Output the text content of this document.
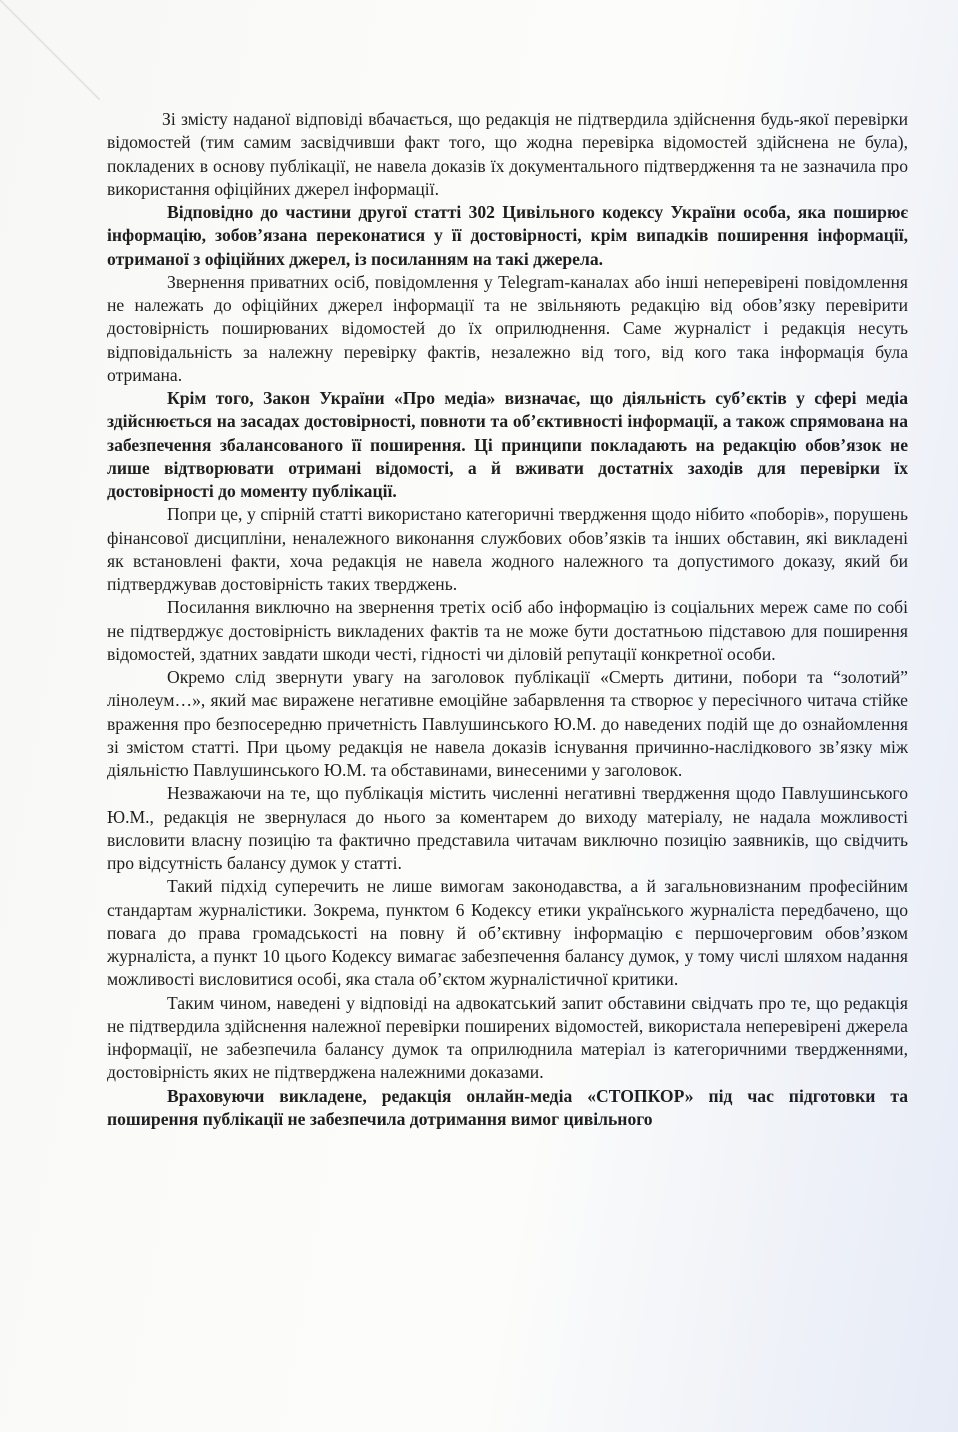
Зі змісту наданої відповіді вбачається, що редакція не підтвердила здійснення будь-якої перевірки відомостей (тим самим засвідчивши факт того, що жодна перевірка відомостей здійснена не була), покладених в основу публікації, не навела доказів їх документального підтвердження та не зазначила про використання офіційних джерел інформації.

Відповідно до частини другої статті 302 Цивільного кодексу України особа, яка поширює інформацію, зобов’язана переконатися у її достовірності, крім випадків поширення інформації, отриманої з офіційних джерел, із посиланням на такі джерела.

Звернення приватних осіб, повідомлення у Telegram-каналах або інші неперевірені повідомлення не належать до офіційних джерел інформації та не звільняють редакцію від обов’язку перевірити достовірність поширюваних відомостей до їх оприлюднення. Саме журналіст і редакція несуть відповідальність за належну перевірку фактів, незалежно від того, від кого така інформація була отримана.

Крім того, Закон України «Про медіа» визначає, що діяльність суб’єктів у сфері медіа здійснюється на засадах достовірності, повноти та об’єктивності інформації, а також спрямована на забезпечення збалансованого її поширення. Ці принципи покладають на редакцію обов’язок не лише відтворювати отримані відомості, а й вживати достатніх заходів для перевірки їх достовірності до моменту публікації.

Попри це, у спірній статті використано категоричні твердження щодо нібито «поборів», порушень фінансової дисципліни, неналежного виконання службових обов’язків та інших обставин, які викладені як встановлені факти, хоча редакція не навела жодного належного та допустимого доказу, який би підтверджував достовірність таких тверджень.

Посилання виключно на звернення третіх осіб або інформацію із соціальних мереж саме по собі не підтверджує достовірність викладених фактів та не може бути достатньою підставою для поширення відомостей, здатних завдати шкоди честі, гідності чи діловій репутації конкретної особи.

Окремо слід звернути увагу на заголовок публікації «Смерть дитини, побори та “золотий” лінолеум…», який має виражене негативне емоційне забарвлення та створює у пересічного читача стійке враження про безпосередню причетність Павлушинського Ю.М. до наведених подій ще до ознайомлення зі змістом статті. При цьому редакція не навела доказів існування причинно-наслідкового зв’язку між діяльністю Павлушинського Ю.М. та обставинами, винесеними у заголовок.

Незважаючи на те, що публікація містить численні негативні твердження щодо Павлушинського Ю.М., редакція не звернулася до нього за коментарем до виходу матеріалу, не надала можливості висловити власну позицію та фактично представила читачам виключно позицію заявників, що свідчить про відсутність балансу думок у статті.

Такий підхід суперечить не лише вимогам законодавства, а й загальновизнаним професійним стандартам журналістики. Зокрема, пунктом 6 Кодексу етики українського журналіста передбачено, що повага до права громадськості на повну й об’єктивну інформацію є першочерговим обов’язком журналіста, а пункт 10 цього Кодексу вимагає забезпечення балансу думок, у тому числі шляхом надання можливості висловитися особі, яка стала об’єктом журналістичної критики.

Таким чином, наведені у відповіді на адвокатський запит обставини свідчать про те, що редакція не підтвердила здійснення належної перевірки поширених відомостей, використала неперевірені джерела інформації, не забезпечила балансу думок та оприлюднила матеріал із категоричними твердженнями, достовірність яких не підтверджена належними доказами.

Враховуючи викладене, редакція онлайн-медіа «СТОПКОР» під час підготовки та поширення публікації не забезпечила дотримання вимог цивільного
